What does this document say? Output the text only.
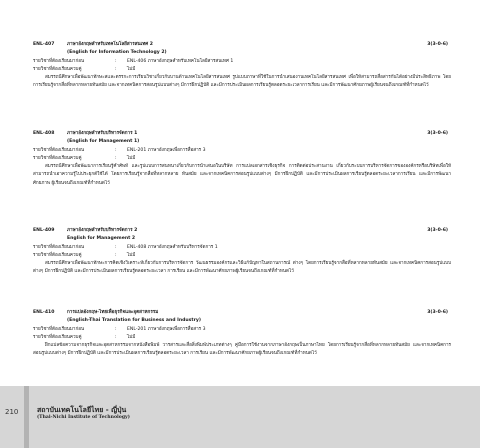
ENL-407	ภาษาอังกฤษสำหรับเทคโนโลยีสารสนเทศ 2	3(3-0-6)
(English for Information Technology 2)
รายวิชาที่ต้องเรียนมาก่อน	:	ENL-406 ภาษาอังกฤษสำหรับเทคโนโลยีสารสนเทศ 1
รายวิชาที่ต้องเรียนควบคู่	:	ไม่มี
สมรรถนีศึกษาเพื่อพัฒนาทักษะสและตรรกะการเรียนวิชาเกี่ยวกับบานด้านเทคโนโลยีสารสนเทศ รูปแบบภาษาที่ใช้ในการนำเสนองานเทคโนโลยีสารสนเทศ เพื่อให้สามารถสื่อสารกันได้อย่างมีประสิทธิภาพ โดยการเรียนรู้จากสื่อที่หลากหลายทันสมัย และจากเทคนิคการสอนรูปแบบต่างๆ มีการฝึกปฏิบัติ และมีการประเมินผลการเรียนรู้ตลอดระยะเวลาการเรียน และมีการพัฒนาศักยภาพผู้เรียนจนถึงเกณฑ์ที่กำหนดไว้
ENL-408	ภาษาอังกฤษสำหรับบริหารจัดการ 1	3(3-0-6)
(English for Management 1)
รายวิชาที่ต้องเรียนมาก่อน	:	ENL-201 ภาษาอังกฤษเพื่อการสื่อสาร 3
รายวิชาที่ต้องเรียนควบคู่	:	ไม่มี
สมรรถนีศึกษาเพื่อพัฒนาการเรียนรู้คำศัพท์ และรูปแบบการสนทนาเกี่ยวกับการนำเสนอในบริษัท การแปลเอกสารเชิงธุรกิจ การติดต่อประสานงาน เกี่ยวกับระบบการบริหารจัดการขององค์กรหรือบริษัทเพื่อให้สามารถนำเอาความรู้ไปประยุกต์ใช้ได้ โดยการเรียนรู้จากสื่อที่หลากหลาย ทันสมัย และจากเทคนิคการสอนรูปแบบต่างๆ มีการฝึกปฏิบัติ และมีการประเมินผลการเรียนรู้ตลอดระยะเวลาการเรียน และมีการพัฒนาศักยภาพ ผู้เรียนจนถึงเกณฑ์ที่กำหนดไว้
ENL-409	ภาษาอังกฤษสำหรับบริหารจัดการ 2	3(3-0-6)
English for Management 2
รายวิชาที่ต้องเรียนมาก่อน	:	ENL-408 ภาษาอังกฤษสำหรับบริหารจัดการ 1
รายวิชาที่ต้องเรียนควบคู่	:	ไม่มี
สมรรถนีศึกษาเพื่อพัฒนาทักษะการคิดเชิงวิเคราะห์เกี่ยวกับการบริหารจัดการ วัฒนธรรมองค์กรและวิธีแก้ปัญหาในสถานการณ์ ต่างๆ โดยการเรียนรู้จากสื่อที่หลากหลายทันสมัย และจากเทคนิคการสอนรูปแบบต่างๆ มีการฝึกปฏิบัติ และมีการประเมินผลการเรียนรู้ตลอดระยะเวลา การเรียน และมีการพัฒนาศักยภาพผู้เรียนจนถึงเกณฑ์ที่กำหนดไว้
ENL-410	การแปลอังกฤษ-ไทยเพื่อธุรกิจและอุตสาหกรรม	3(3-0-6)
(English-Thai Translation for Business and Industry)
รายวิชาที่ต้องเรียนมาก่อน	:	ENL-201 ภาษาอังกฤษเพื่อการสื่อสาร 3
รายวิชาที่ต้องเรียนควบคู่	:	ไม่มี
ฝึกแปลข้อความจากธุรกิจและอุตสาหกรรมจากหนังสือพิมพ์ วารสารและสื่อสิ่งพิมพ์ประเภทต่างๆ คู่มือการใช้งานจากภาษาอังกฤษเป็นภาษาไทย โดยการเรียนรู้จากสื่อที่หลากหลายทันสมัย และจากเทคนิคการสอนรูปแบบต่างๆ มีการฝึกปฏิบัติ และมีการประเมินผลการเรียนรู้ตลอดระยะเวลา การเรียน และมีการพัฒนาศักยภาพผู้เรียนจนถึงเกณฑ์ที่กำหนดไว้
210	สถาบันเทคโนโลยีไทย - ญี่ปุ่น
(Thai-Nichi Institute of Technology)
